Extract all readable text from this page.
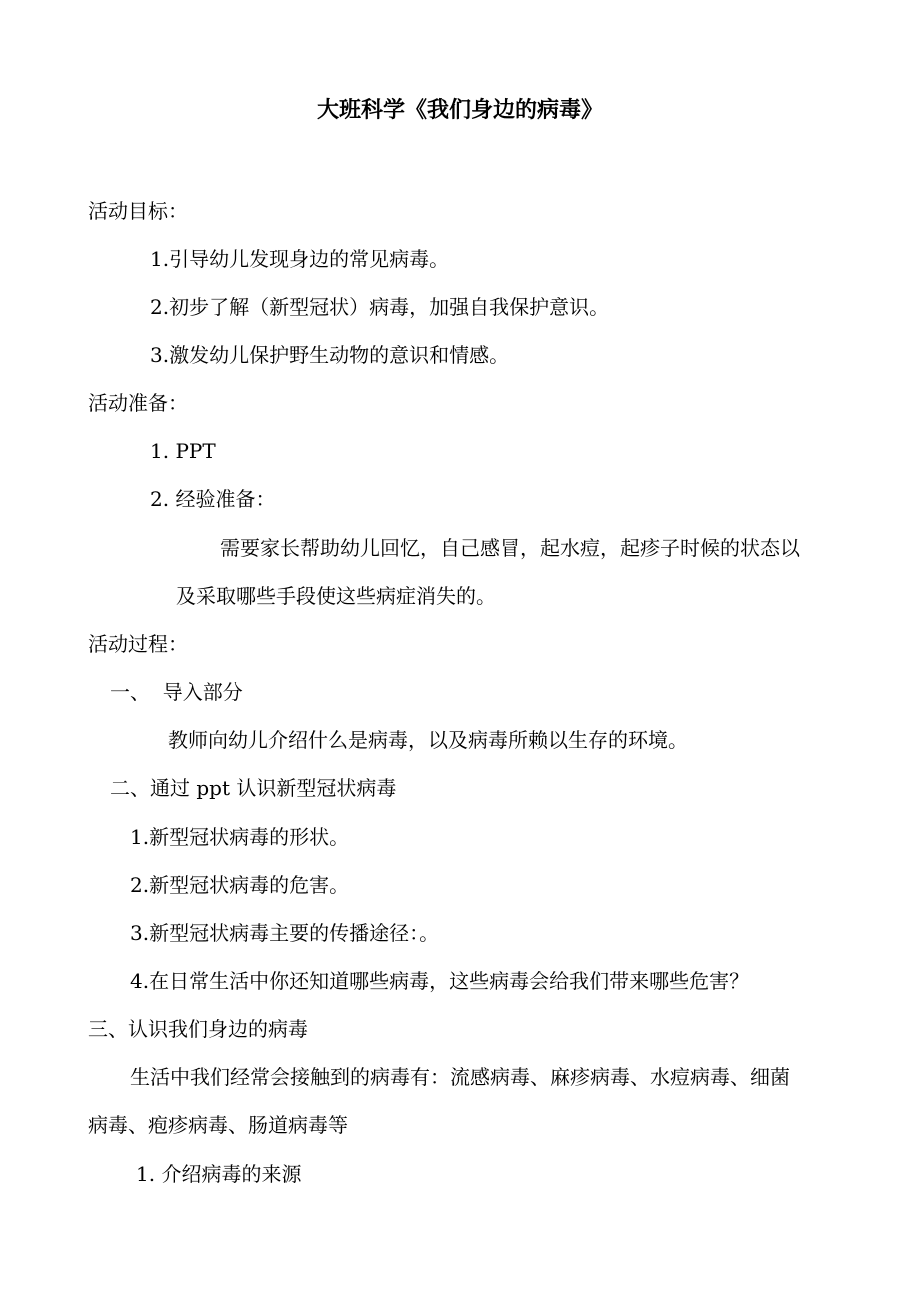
大班科学《我们身边的病毒》
活动目标：
1.引导幼儿发现身边的常见病毒。
2.初步了解（新型冠状）病毒，加强自我保护意识。
3.激发幼儿保护野生动物的意识和情感。
活动准备：
1. PPT
2. 经验准备：
需要家长帮助幼儿回忆，自己感冒，起水痘，起疹子时候的状态以
及采取哪些手段使这些病症消失的。
活动过程：
一、  导入部分
教师向幼儿介绍什么是病毒，以及病毒所赖以生存的环境。
二、通过 ppt 认识新型冠状病毒
1.新型冠状病毒的形状。
2.新型冠状病毒的危害。
3.新型冠状病毒主要的传播途径：。
4.在日常生活中你还知道哪些病毒，这些病毒会给我们带来哪些危害？
三、认识我们身边的病毒
生活中我们经常会接触到的病毒有：流感病毒、麻疹病毒、水痘病毒、细菌
病毒、疱疹病毒、肠道病毒等
1. 介绍病毒的来源
